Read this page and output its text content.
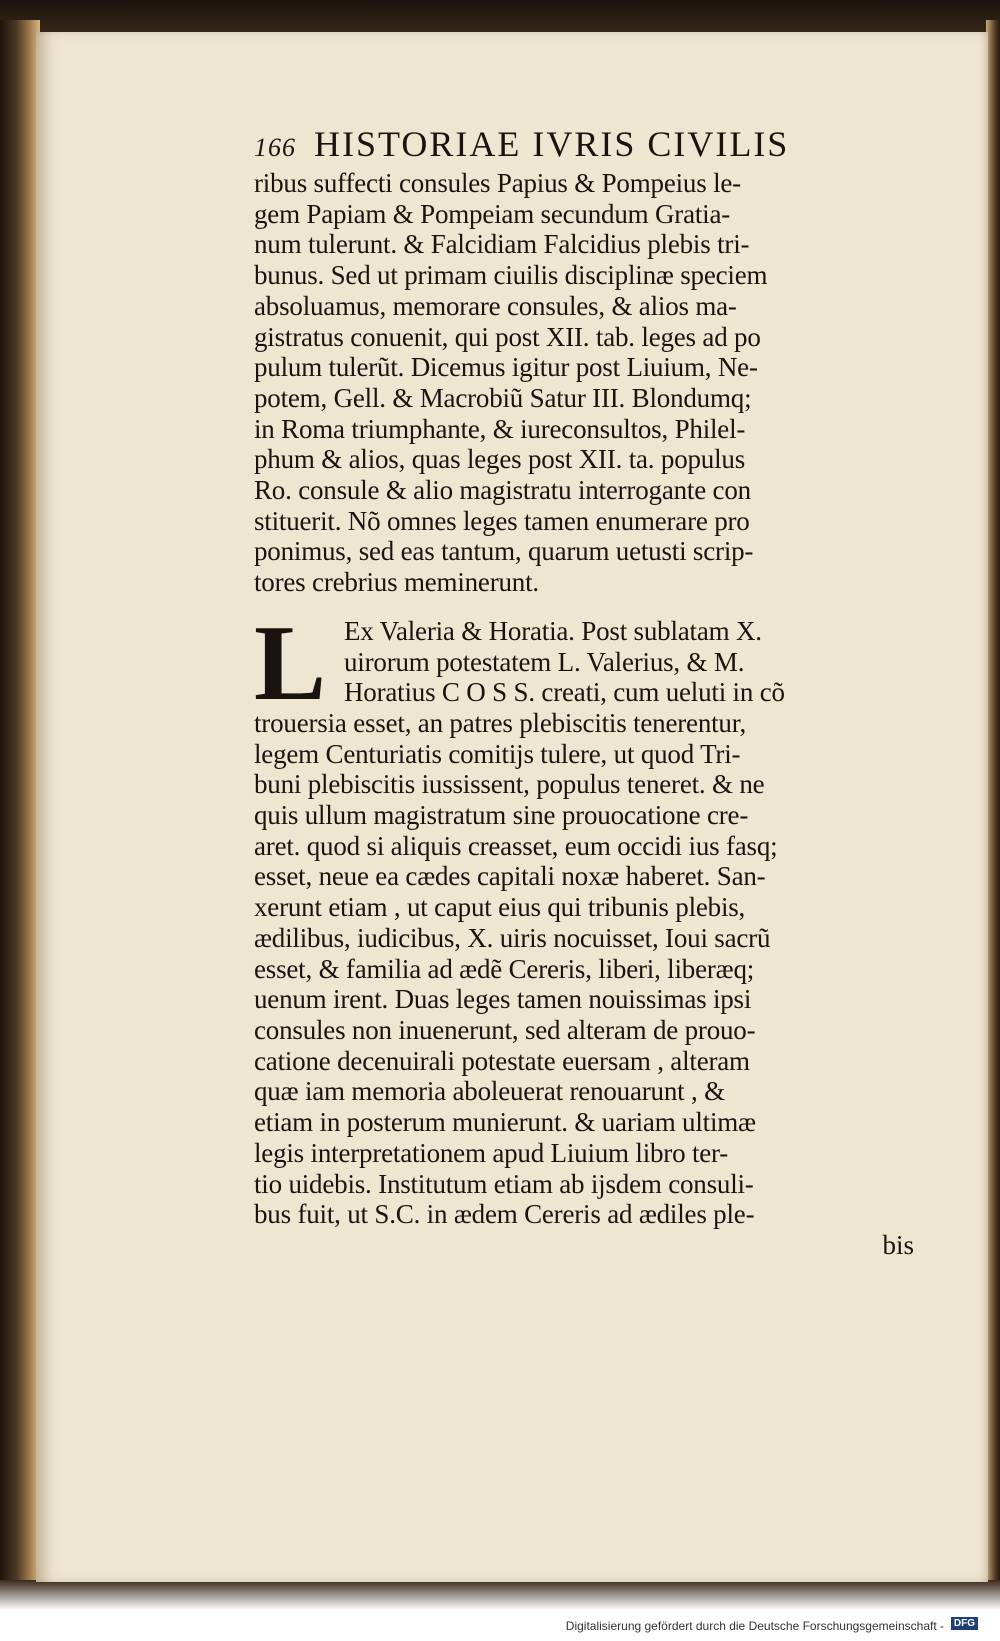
166 HISTORIAE IVRIS CIVILIS
ribus suffecti consules Papius & Pompeius le-
gem Papiam & Pompeiam secundum Gratia-
num tulerunt. & Falcidiam Falcidius plebis tri-
bunus. Sed ut primam ciuilis disciplinæ speciem
absoluamus, memorare consules, & alios ma-
gistratus conuenit, qui post XII. tab. leges ad po
pulum tulerũt. Dicemus igitur post Liuium, Ne-
potem, Gell. & Macrobiũ Satur III. Blondumq;
in Roma triumphante, & iureconsultos, Philel-
phum & alios, quas leges post XII. ta. populus
Ro. consule & alio magistratu interrogante con
stituerit. Nõ omnes leges tamen enumerare pro
ponimus, sed eas tantum, quarum uetusti scrip-
tores crebrius meminerunt.
L Ex Valeria & Horatia. Post sublatam X.
uirorum potestatem L. Valerius, & M.
Horatius C O S S. creati, cum ueluti in cõ
trouersia esset, an patres plebiscitis tenerentur,
legem Centuriatis comitijs tulere, ut quod Tri-
buni plebiscitis iussissent, populus teneret. & ne
quis ullum magistratum sine prouocatione cre-
aret. quod si aliquis creasset, eum occidi ius fasq;
esset, neue ea cædes capitali noxæ haberet. San-
xerunt etiam , ut caput eius qui tribunis plebis,
ædilibus, iudicibus, X. uiris nocuisset, Ioui sacrũ
esset, & familia ad ædẽ Cereris, liberi, liberæq;
uenum irent. Duas leges tamen nouissimas ipsi
consules non inuenerunt, sed alteram de prouo-
catione decenuirali potestate euersam , alteram
quæ iam memoria aboleuerat renouarunt , &
etiam in posterum munierunt. & uariam ultimæ
legis interpretationem apud Liuium libro ter-
tio uidebis. Institutum etiam ab ijsdem consuli-
bus fuit, ut S.C. in ædem Cereris ad ædiles ple-
bis
Digitalisierung gefördert durch die Deutsche Forschungsgemeinschaft - DFG
